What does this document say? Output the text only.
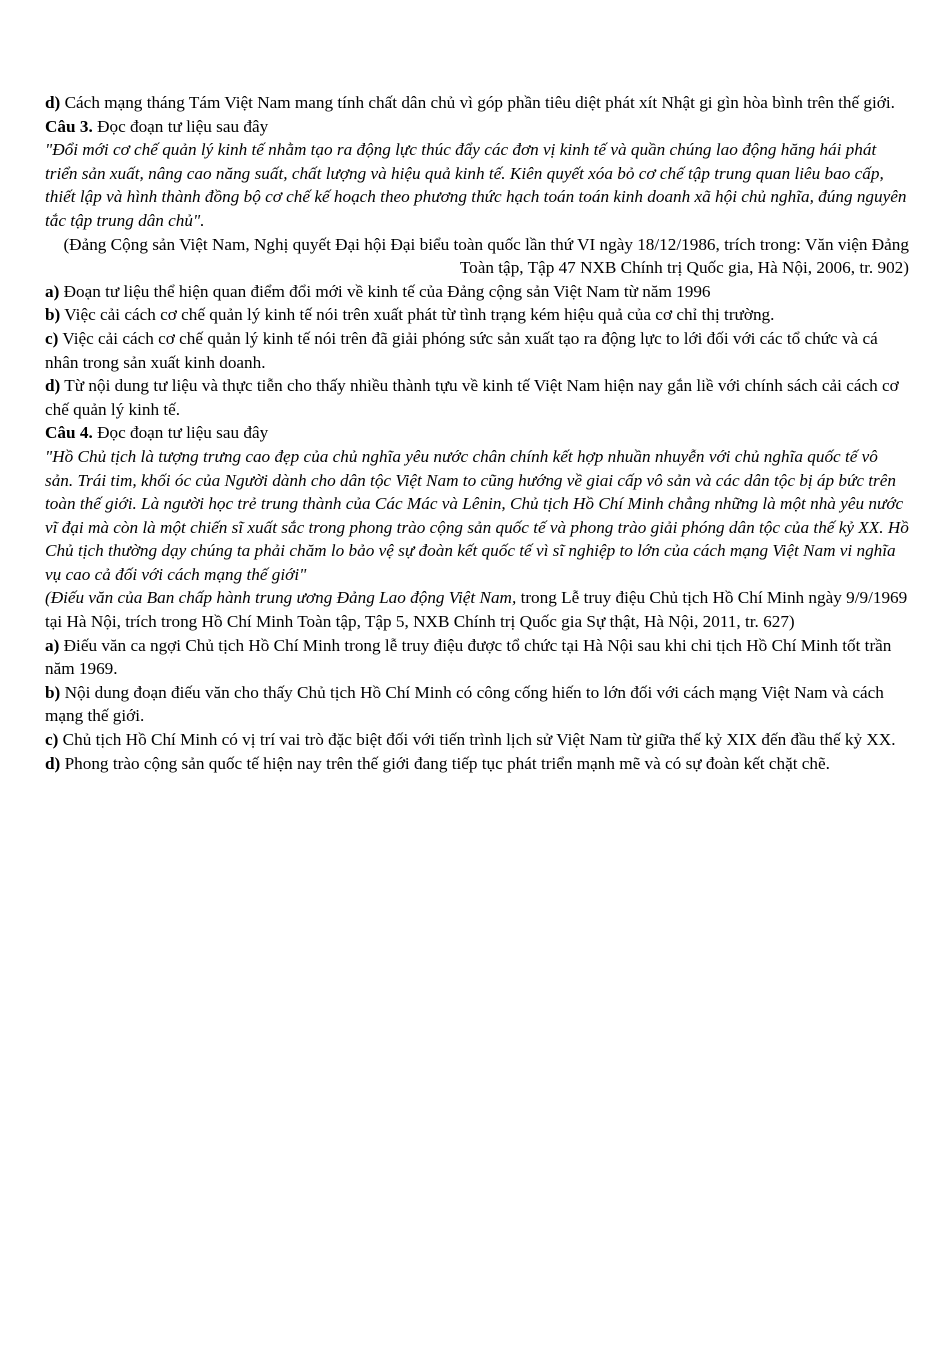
d) Cách mạng tháng Tám Việt Nam mang tính chất dân chủ vì góp phần tiêu diệt phát xít Nhật gi gìn hòa bình trên thế giới.

Câu 3. Đọc đoạn tư liệu sau đây

"Đổi mới cơ chế quản lý kinh tế nhằm tạo ra động lực thúc đẩy các đơn vị kinh tế và quần chúng lao động hăng hái phát triển sản xuất, nâng cao năng suất, chất lượng và hiệu quả kinh tế. Kiên quyết xóa bỏ cơ chế tập trung quan liêu bao cấp, thiết lập và hình thành đồng bộ cơ chế kế hoạch theo phương thức hạch toán toán kinh doanh xã hội chủ nghĩa, đúng nguyên tắc tập trung dân chủ".

(Đảng Cộng sản Việt Nam, Nghị quyết Đại hội Đại biểu toàn quốc lần thứ VI ngày 18/12/1986, trích trong: Văn viện Đảng Toàn tập, Tập 47 NXB Chính trị Quốc gia, Hà Nội, 2006, tr. 902)

a) Đoạn tư liệu thể hiện quan điểm đổi mới về kinh tế của Đảng cộng sản Việt Nam từ năm 1996

b) Việc cải cách cơ chế quản lý kinh tế nói trên xuất phát từ tình trạng kém hiệu quả của cơ chỉ thị trường.

c) Việc cải cách cơ chế quản lý kinh tế nói trên đã giải phóng sức sản xuất tạo ra động lực to lới đối với các tổ chức và cá nhân trong sản xuất kinh doanh.

d) Từ nội dung tư liệu và thực tiễn cho thấy nhiều thành tựu về kinh tế Việt Nam hiện nay gắn liề với chính sách cải cách cơ chế quản lý kinh tế.

Câu 4. Đọc đoạn tư liệu sau đây

"Hồ Chủ tịch là tượng trưng cao đẹp của chủ nghĩa yêu nước chân chính kết hợp nhuần nhuyễn với chủ nghĩa quốc tế vô sản. Trái tim, khối óc của Người dành cho dân tộc Việt Nam to cũng hướng về giai cấp vô sản và các dân tộc bị áp bức trên toàn thế giới. Là người học trẻ trung thành của Các Mác và Lênin, Chủ tịch Hồ Chí Minh chẳng những là một nhà yêu nước vĩ đại mà còn là một chiến sĩ xuất sắc trong phong trào cộng sản quốc tế và phong trào giải phóng dân tộc của thế kỷ XX. Hồ Chủ tịch thường dạy chúng ta phải chăm lo bảo vệ sự đoàn kết quốc tế vì sĩ nghiệp to lớn của cách mạng Việt Nam vi nghĩa vụ cao cả đối với cách mạng thế giới"

(Điếu văn của Ban chấp hành trung ương Đảng Lao động Việt Nam, trong Lễ truy điệu Chủ tịch Hồ Chí Minh ngày 9/9/1969 tại Hà Nội, trích trong Hồ Chí Minh Toàn tập, Tập 5, NXB Chính trị Quốc gia Sự thật, Hà Nội, 2011, tr. 627)

a) Điếu văn ca ngợi Chủ tịch Hồ Chí Minh trong lễ truy điệu được tổ chức tại Hà Nội sau khi chi tịch Hồ Chí Minh tốt trần năm 1969.

b) Nội dung đoạn điếu văn cho thấy Chủ tịch Hồ Chí Minh có công cống hiến to lớn đối với cách mạng Việt Nam và cách mạng thế giới.

c) Chủ tịch Hồ Chí Minh có vị trí vai trò đặc biệt đối với tiến trình lịch sử Việt Nam từ giữa thế kỷ XIX đến đầu thế kỷ XX.

d) Phong trào cộng sản quốc tế hiện nay trên thế giới đang tiếp tục phát triển mạnh mẽ và có sự đoàn kết chặt chẽ.
